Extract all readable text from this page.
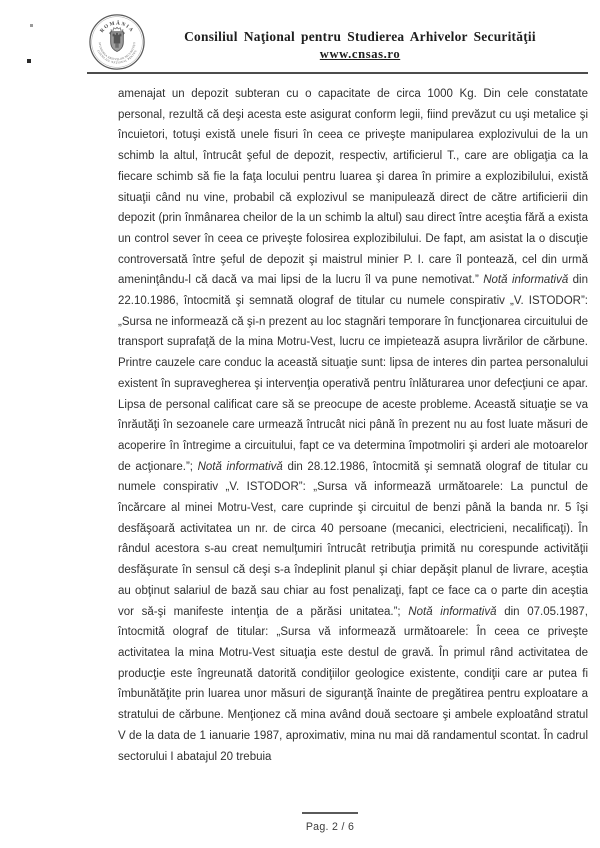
ROMÂNIA
CONSILIUL NAŢIONAL PENTRU
STUDIEREA ARHIVELOR SECURITĂŢII	Consiliul Naţional pentru Studierea Arhivelor Securităţii
www.cnsas.ro

amenajat un depozit subteran cu o capacitate de circa 1000 Kg. Din cele constatate personal, rezultă că deşi acesta este asigurat conform legii, fiind prevăzut cu uşi metalice şi încuietori, totuşi există unele fisuri în ceea ce priveşte manipularea explozivului de la un schimb la altul, întrucât şeful de depozit, respectiv, artificierul T., care are obligaţia ca la fiecare schimb să fie la faţa locului pentru luarea şi darea în primire a explozibilului, există situaţii când nu vine, probabil că explozivul se manipulează direct de către artificierii din depozit (prin înmânarea cheilor de la un schimb la altul) sau direct între aceştia fără a exista un control sever în ceea ce priveşte folosirea explozibilului. De fapt, am asistat la o discuţie controversată între şeful de depozit şi maistrul minier P. I. care îl pontează, cel din urmă ameninţându-l că dacă va mai lipsi de la lucru îl va pune nemotivat.” Notă informativă din 22.10.1986, întocmită şi semnată olograf de titular cu numele conspirativ „V. ISTODOR”: „Sursa ne informează că şi-n prezent au loc stagnări temporare în funcţionarea circuitului de transport suprafaţă de la mina Motru-Vest, lucru ce impietează asupra livrărilor de cărbune. Printre cauzele care conduc la această situaţie sunt: lipsa de interes din partea personalului existent în supravegherea şi intervenţia operativă pentru înlăturarea unor defecţiuni ce apar. Lipsa de personal calificat care să se preocupe de aceste probleme. Această situaţie se va înrăutăţi în sezoanele care urmează întrucât nici până în prezent nu au fost luate măsuri de acoperire în întregime a circuitului, fapt ce va determina împotmoliri şi arderi ale motoarelor de acţionare.”; Notă informativă din 28.12.1986, întocmită şi semnată olograf de titular cu numele conspirativ „V. ISTODOR”: „Sursa vă informează următoarele: La punctul de încărcare al minei Motru-Vest, care cuprinde şi circuitul de benzi până la banda nr. 5 îşi desfăşoară activitatea un nr. de circa 40 persoane (mecanici, electricieni, necalificaţi). În rândul acestora s-au creat nemulţumiri întrucât retribuţia primită nu corespunde activităţii desfăşurate în sensul că deşi s-a îndeplinit planul şi chiar depăşit planul de livrare, aceştia au obţinut salariul de bază sau chiar au fost penalizaţi, fapt ce face ca o parte din aceştia vor să-şi manifeste intenţia de a părăsi unitatea.”; Notă informativă din 07.05.1987, întocmită olograf de titular: „Sursa vă informează următoarele: În ceea ce priveşte activitatea la mina Motru-Vest situaţia este destul de gravă. În primul rând activitatea de producţie este îngreunată datorită condiţiilor geologice existente, condiţii care ar putea fi îmbunătăţite prin luarea unor măsuri de siguranţă înainte de pregătirea pentru exploatare a stratului de cărbune. Menţionez că mina având două sectoare şi ambele exploatând stratul V de la data de 1 ianuarie 1987, aproximativ, mina nu mai dă randamentul scontat. În cadrul sectorului I abatajul 20 trebuia

Pag. 2 / 6
